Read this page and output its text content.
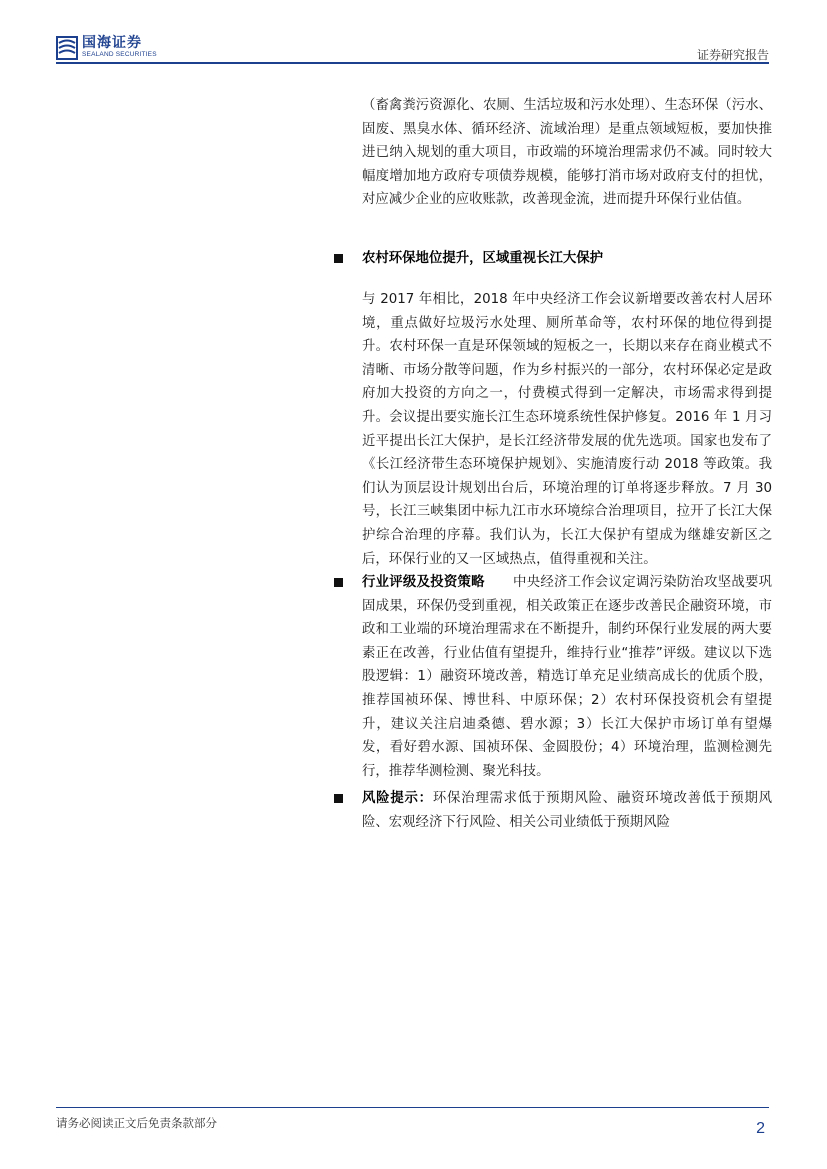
国海证券
SEALAND SECURITIES	证券研究报告
（畜禽粪污资源化、农厕、生活垃圾和污水处理）、生态环保（污水、固废、黑臭水体、循环经济、流域治理）是重点领域短板，要加快推进已纳入规划的重大项目，市政端的环境治理需求仍不减。同时较大幅度增加地方政府专项债券规模，能够打消市场对政府支付的担忧，对应减少企业的应收账款，改善现金流，进而提升环保行业估值。
农村环保地位提升，区域重视长江大保护
与 2017 年相比，2018 年中央经济工作会议新增要改善农村人居环境，重点做好垃圾污水处理、厕所革命等，农村环保的地位得到提升。农村环保一直是环保领域的短板之一，长期以来存在商业模式不清晰、市场分散等问题，作为乡村振兴的一部分，农村环保必定是政府加大投资的方向之一，付费模式得到一定解决，市场需求得到提升。会议提出要实施长江生态环境系统性保护修复。2016 年 1 月习近平提出长江大保护，是长江经济带发展的优先选项。国家也发布了《长江经济带生态环境保护规划》、实施清废行动 2018 等政策。我们认为顶层设计规划出台后，环境治理的订单将逐步释放。7 月 30 号，长江三峡集团中标九江市水环境综合治理项目，拉开了长江大保护综合治理的序幕。我们认为，长江大保护有望成为继雄安新区之后，环保行业的又一区域热点，值得重视和关注。
行业评级及投资策略 中央经济工作会议定调污染防治攻坚战要巩固成果，环保仍受到重视，相关政策正在逐步改善民企融资环境，市政和工业端的环境治理需求在不断提升，制约环保行业发展的两大要素正在改善，行业估值有望提升，维持行业“推荐”评级。建议以下选股逻辑：1）融资环境改善，精选订单充足业绩高成长的优质个股，推荐国祯环保、博世科、中原环保；2）农村环保投资机会有望提升，建议关注启迪桑德、碧水源；3）长江大保护市场订单有望爆发，看好碧水源、国祯环保、金圆股份；4）环境治理，监测检测先行，推荐华测检测、聚光科技。
风险提示：环保治理需求低于预期风险、融资环境改善低于预期风险、宏观经济下行风险、相关公司业绩低于预期风险
请务必阅读正文后免责条款部分	2
